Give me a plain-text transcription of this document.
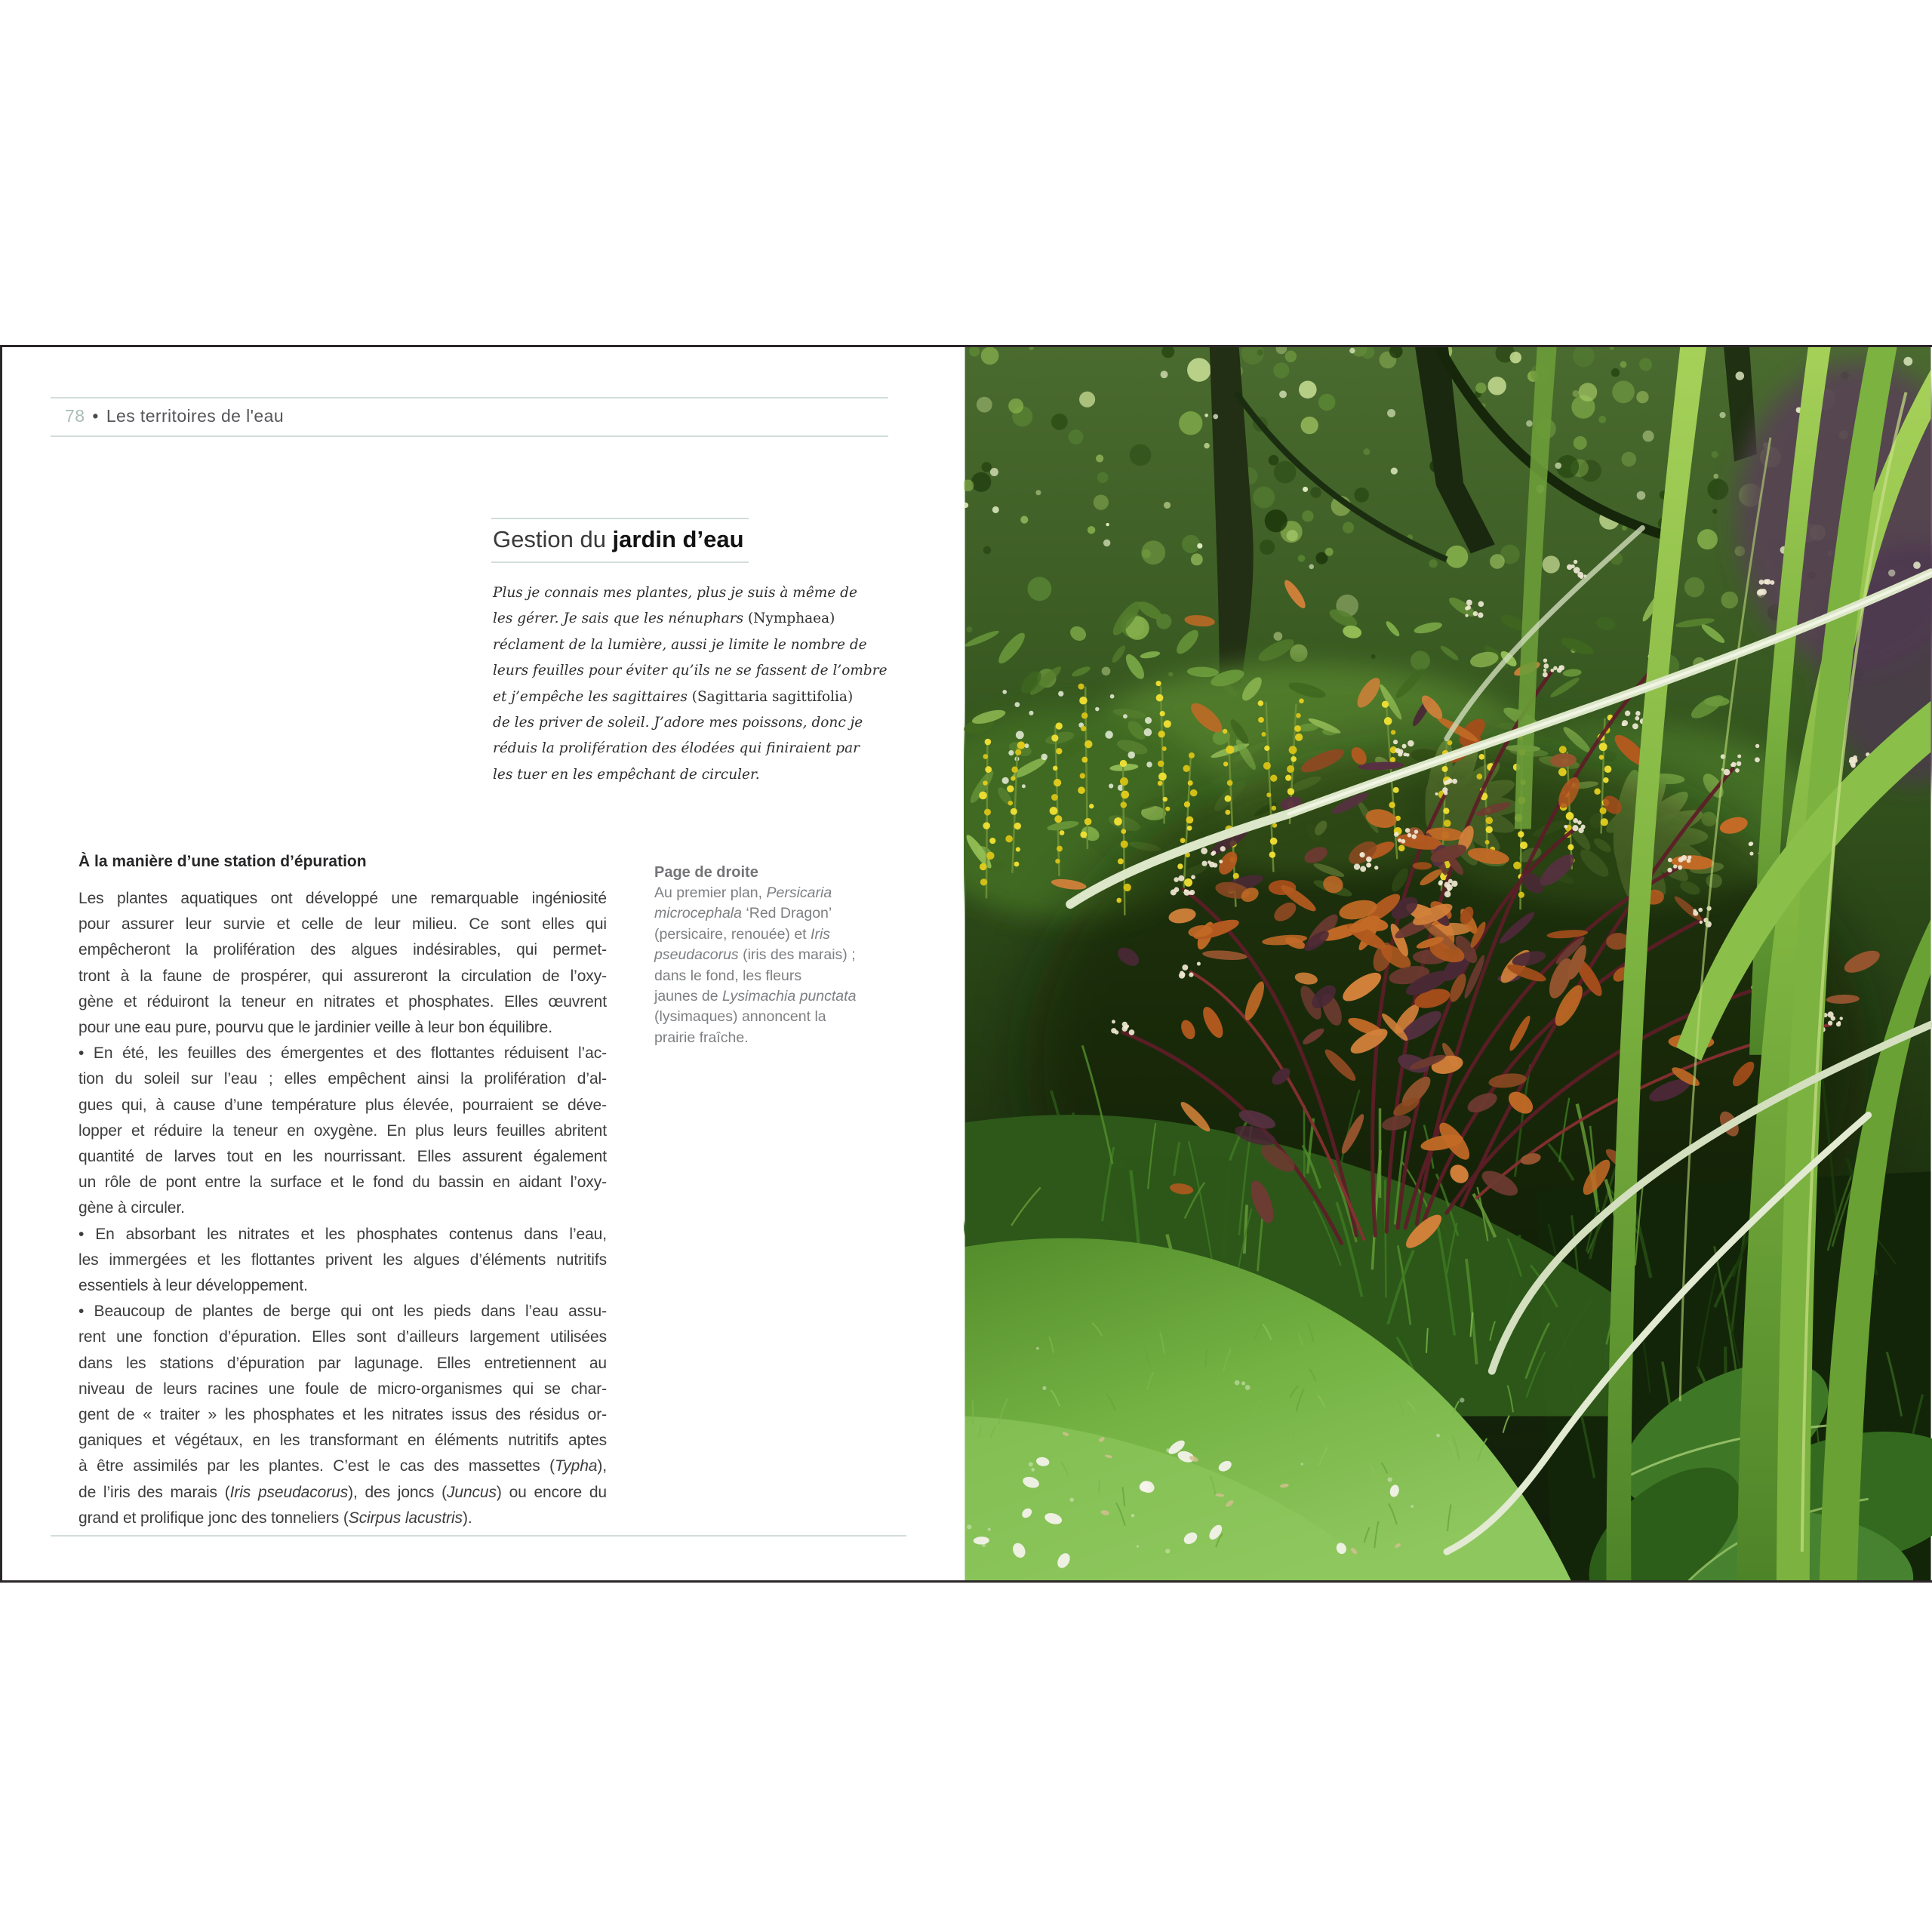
78 • Les territoires de l'eau
Gestion du jardin d’eau
Plus je connais mes plantes, plus je suis à même de
les gérer. Je sais que les nénuphars (Nymphaea)
réclament de la lumière, aussi je limite le nombre de
leurs feuilles pour éviter qu’ils ne se fassent de l’ombre
et j’empêche les sagittaires (Sagittaria sagittifolia)
de les priver de soleil. J’adore mes poissons, donc je
réduis la prolifération des élodées qui finiraient par
les tuer en les empêchant de circuler.
À la manière d’une station d’épuration
Les plantes aquatiques ont développé une remarquable ingéniosité
pour assurer leur survie et celle de leur milieu. Ce sont elles qui
empêcheront la prolifération des algues indésirables, qui permet-
tront à la faune de prospérer, qui assureront la circulation de l’oxy-
gène et réduiront la teneur en nitrates et phosphates. Elles œuvrent
pour une eau pure, pourvu que le jardinier veille à leur bon équilibre.
• En été, les feuilles des émergentes et des flottantes réduisent l’ac-
tion du soleil sur l’eau ; elles empêchent ainsi la prolifération d’al-
gues qui, à cause d’une température plus élevée, pourraient se déve-
lopper et réduire la teneur en oxygène. En plus leurs feuilles abritent
quantité de larves tout en les nourrissant. Elles assurent également
un rôle de pont entre la surface et le fond du bassin en aidant l’oxy-
gène à circuler.
• En absorbant les nitrates et les phosphates contenus dans l’eau,
les immergées et les flottantes privent les algues d’éléments nutritifs
essentiels à leur développement.
• Beaucoup de plantes de berge qui ont les pieds dans l’eau assu-
rent une fonction d’épuration. Elles sont d’ailleurs largement utilisées
dans les stations d’épuration par lagunage. Elles entretiennent au
niveau de leurs racines une foule de micro-organismes qui se char-
gent de « traiter » les phosphates et les nitrates issus des résidus or-
ganiques et végétaux, en les transformant en éléments nutritifs aptes
à être assimilés par les plantes. C’est le cas des massettes (Typha),
de l’iris des marais (Iris pseudacorus), des joncs (Juncus) ou encore du
grand et prolifique jonc des tonneliers (Scirpus lacustris).
Page de droite
Au premier plan, Persicaria
microcephala ‘Red Dragon’
(persicaire, renouée) et Iris
pseudacorus (iris des marais) ;
dans le fond, les fleurs
jaunes de Lysimachia punctata
(lysimaques) annoncent la
prairie fraîche.
